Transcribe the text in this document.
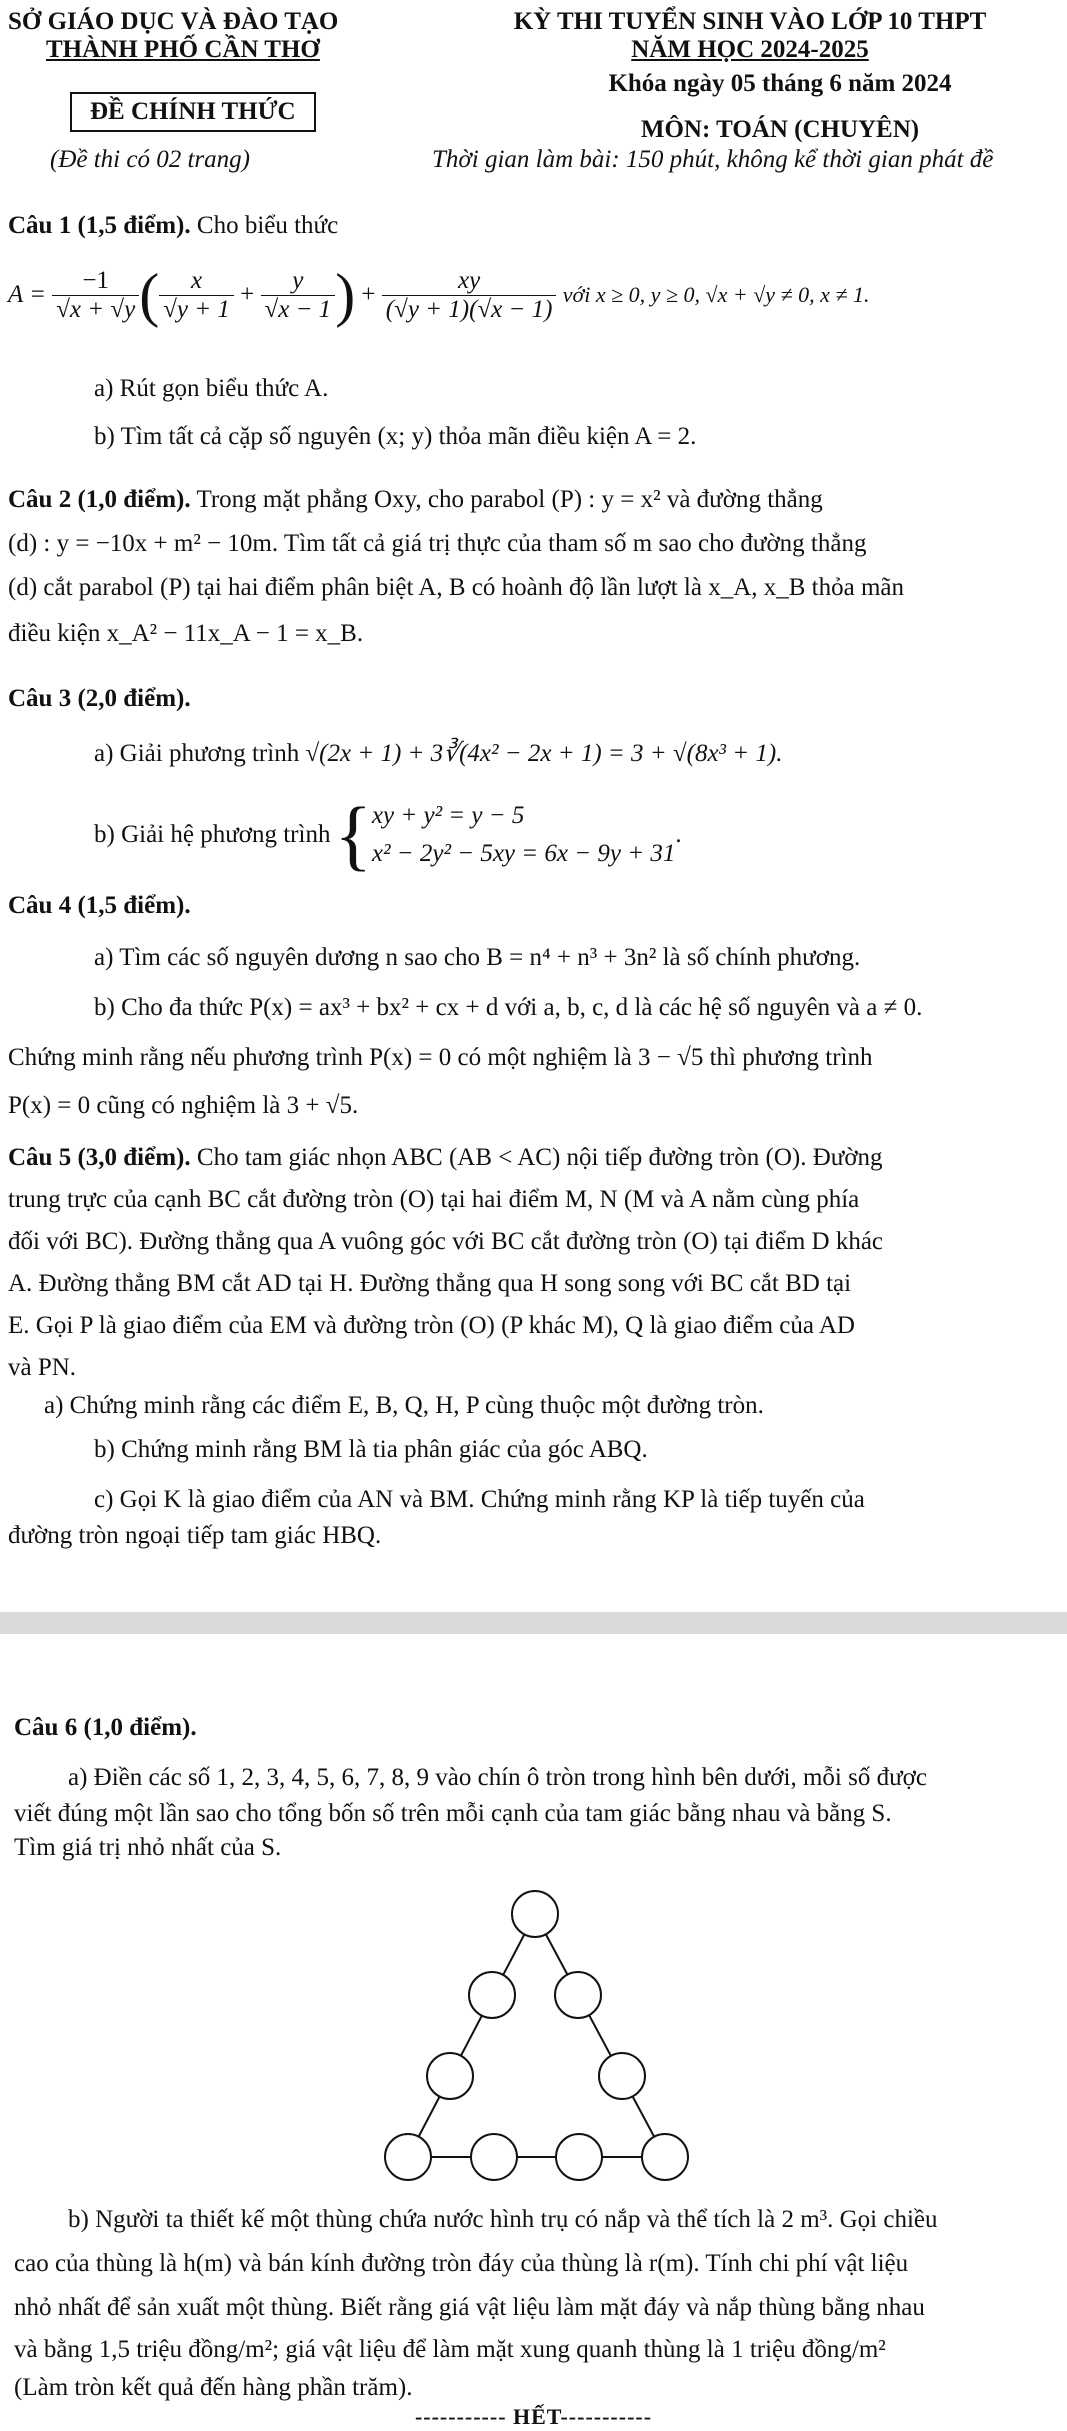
SỞ GIÁO DỤC VÀ ĐÀO TẠO
THÀNH PHỐ CẦN THƠ
KỲ THI TUYỂN SINH VÀO LỚP 10 THPT
NĂM HỌC 2024-2025
Khóa ngày 05 tháng 6 năm 2024
ĐỀ CHÍNH THỨC
MÔN: TOÁN (CHUYÊN)
(Đề thi có 02 trang)	Thời gian làm bài: 150 phút, không kể thời gian phát đề
Câu 1 (1,5 điểm). Cho biểu thức
A =
$\frac{-1}{√x + √y}$ ( $\frac{x}{√y + 1} + \frac{y}{√x - 1}$ ) + $\frac{xy}{(√y + 1)(√x - 1)}$
với x ≥ 0, y ≥ 0, √x + √y ≠ 0, x ≠ 1.
a) Rút gọn biểu thức A.
b) Tìm tất cả cặp số nguyên (x; y) thỏa mãn điều kiện A = 2.
Câu 2 (1,0 điểm). Trong mặt phẳng Oxy, cho parabol (P) : y = x² và đường thẳng
(d) : y = −10x + m² − 10m. Tìm tất cả giá trị thực của tham số m sao cho đường thẳng
(d) cắt parabol (P) tại hai điểm phân biệt A, B có hoành độ lần lượt là x_A, x_B thỏa mãn
điều kiện x_A² − 11x_A − 1 = x_B.
Câu 3 (2,0 điểm).
a) Giải phương trình √(2x + 1) + 3∛(4x² − 2x + 1) = 3 + √(8x³ + 1).
b) Giải hệ phương trình { xy + y² = y − 5
x² − 2y² − 5xy = 6x − 9y + 31
.
Câu 4 (1,5 điểm).
a) Tìm các số nguyên dương n sao cho B = n⁴ + n³ + 3n² là số chính phương.
b) Cho đa thức P(x) = ax³ + bx² + cx + d với a, b, c, d là các hệ số nguyên và a ≠ 0.
Chứng minh rằng nếu phương trình P(x) = 0 có một nghiệm là 3 − √5 thì phương trình
P(x) = 0 cũng có nghiệm là 3 + √5.
Câu 5 (3,0 điểm). Cho tam giác nhọn ABC (AB < AC) nội tiếp đường tròn (O). Đường
trung trực của cạnh BC cắt đường tròn (O) tại hai điểm M, N (M và A nằm cùng phía
đối với BC). Đường thẳng qua A vuông góc với BC cắt đường tròn (O) tại điểm D khác
A. Đường thẳng BM cắt AD tại H. Đường thẳng qua H song song với BC cắt BD tại
E. Gọi P là giao điểm của EM và đường tròn (O) (P khác M), Q là giao điểm của AD
và PN.
a) Chứng minh rằng các điểm E, B, Q, H, P cùng thuộc một đường tròn.
b) Chứng minh rằng BM là tia phân giác của góc ABQ.
c) Gọi K là giao điểm của AN và BM. Chứng minh rằng KP là tiếp tuyến của
đường tròn ngoại tiếp tam giác HBQ.
Câu 6 (1,0 điểm).
a) Điền các số 1, 2, 3, 4, 5, 6, 7, 8, 9 vào chín ô tròn trong hình bên dưới, mỗi số được
viết đúng một lần sao cho tổng bốn số trên mỗi cạnh của tam giác bằng nhau và bằng S.
Tìm giá trị nhỏ nhất của S.
b) Người ta thiết kế một thùng chứa nước hình trụ có nắp và thể tích là 2 m³. Gọi chiều
cao của thùng là h(m) và bán kính đường tròn đáy của thùng là r(m). Tính chi phí vật liệu
nhỏ nhất để sản xuất một thùng. Biết rằng giá vật liệu làm mặt đáy và nắp thùng bằng nhau
và bằng 1,5 triệu đồng/m²; giá vật liệu để làm mặt xung quanh thùng là 1 triệu đồng/m²
(Làm tròn kết quả đến hàng phần trăm).
----------- HẾT-----------
